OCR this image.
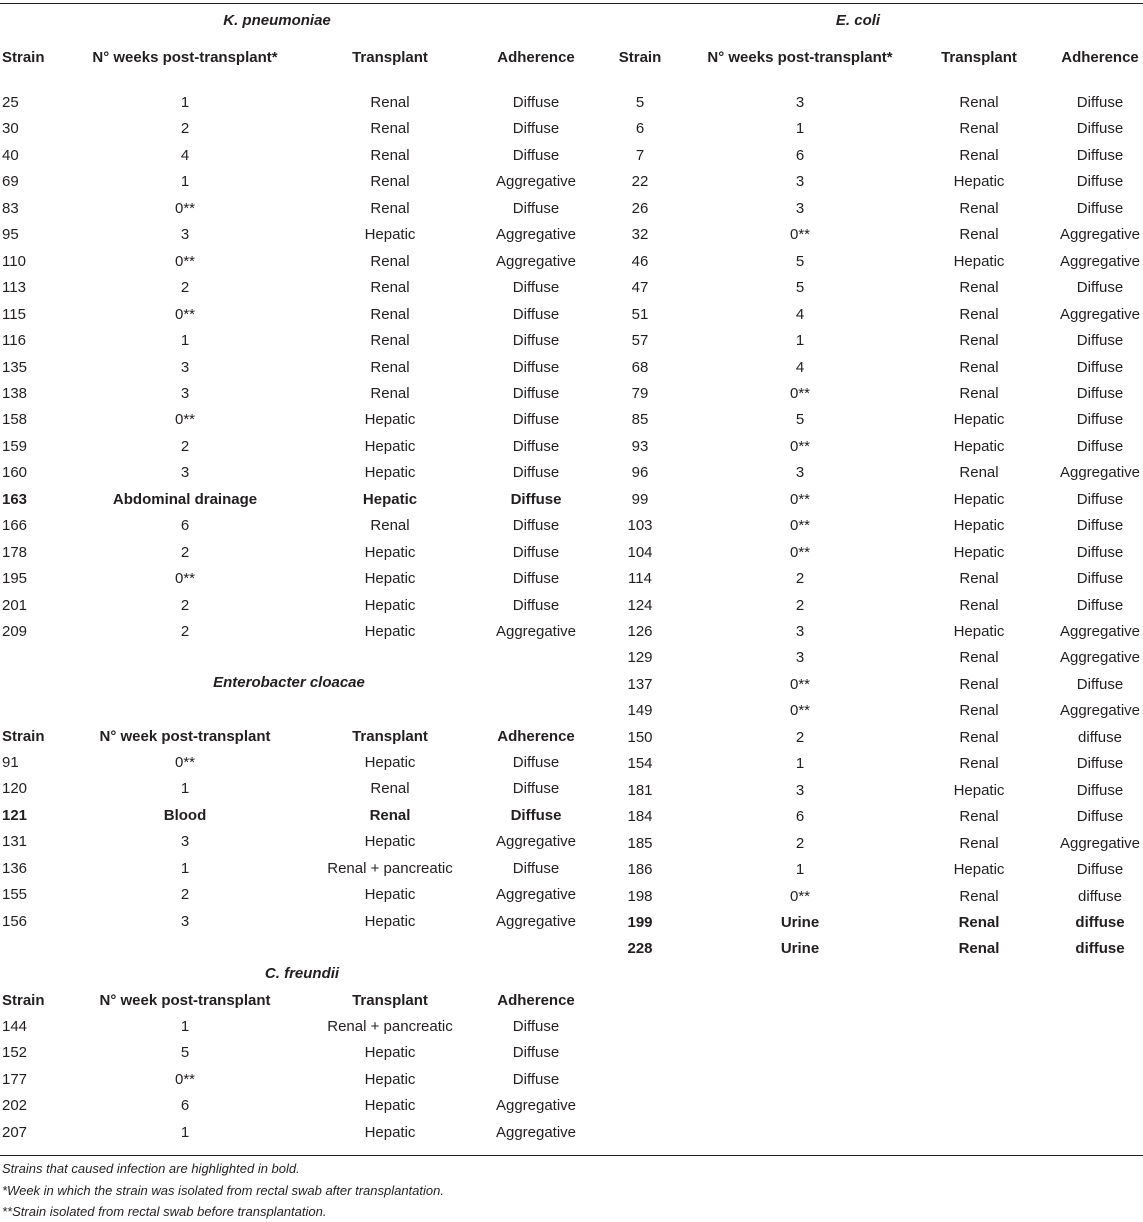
K. pneumoniae
Strain	N° weeks post-transplant*	Transplant	Adherence
25	1	Renal	Diffuse
30	2	Renal	Diffuse
40	4	Renal	Diffuse
69	1	Renal	Aggregative
83	0**	Renal	Diffuse
95	3	Hepatic	Aggregative
110	0**	Renal	Aggregative
113	2	Renal	Diffuse
115	0**	Renal	Diffuse
116	1	Renal	Diffuse
135	3	Renal	Diffuse
138	3	Renal	Diffuse
158	0**	Hepatic	Diffuse
159	2	Hepatic	Diffuse
160	3	Hepatic	Diffuse
163	Abdominal drainage	Hepatic	Diffuse
166	6	Renal	Diffuse
178	2	Hepatic	Diffuse
195	0**	Hepatic	Diffuse
201	2	Hepatic	Diffuse
209	2	Hepatic	Aggregative
Enterobacter cloacae
Strain	N° week post-transplant	Transplant	Adherence
91	0**	Hepatic	Diffuse
120	1	Renal	Diffuse
121	Blood	Renal	Diffuse
131	3	Hepatic	Aggregative
136	1	Renal + pancreatic	Diffuse
155	2	Hepatic	Aggregative
156	3	Hepatic	Aggregative
C. freundii
Strain	N° week post-transplant	Transplant	Adherence
144	1	Renal + pancreatic	Diffuse
152	5	Hepatic	Diffuse
177	0**	Hepatic	Diffuse
202	6	Hepatic	Aggregative
207	1	Hepatic	Aggregative
E. coli
Strain	N° weeks post-transplant*	Transplant	Adherence
5	3	Renal	Diffuse
6	1	Renal	Diffuse
7	6	Renal	Diffuse
22	3	Hepatic	Diffuse
26	3	Renal	Diffuse
32	0**	Renal	Aggregative
46	5	Hepatic	Aggregative
47	5	Renal	Diffuse
51	4	Renal	Aggregative
57	1	Renal	Diffuse
68	4	Renal	Diffuse
79	0**	Renal	Diffuse
85	5	Hepatic	Diffuse
93	0**	Hepatic	Diffuse
96	3	Renal	Aggregative
99	0**	Hepatic	Diffuse
103	0**	Hepatic	Diffuse
104	0**	Hepatic	Diffuse
114	2	Renal	Diffuse
124	2	Renal	Diffuse
126	3	Hepatic	Aggregative
129	3	Renal	Aggregative
137	0**	Renal	Diffuse
149	0**	Renal	Aggregative
150	2	Renal	diffuse
154	1	Renal	Diffuse
181	3	Hepatic	Diffuse
184	6	Renal	Diffuse
185	2	Renal	Aggregative
186	1	Hepatic	Diffuse
198	0**	Renal	diffuse
199	Urine	Renal	diffuse
228	Urine	Renal	diffuse
Strains that caused infection are highlighted in bold.
*Week in which the strain was isolated from rectal swab after transplantation.
**Strain isolated from rectal swab before transplantation.
